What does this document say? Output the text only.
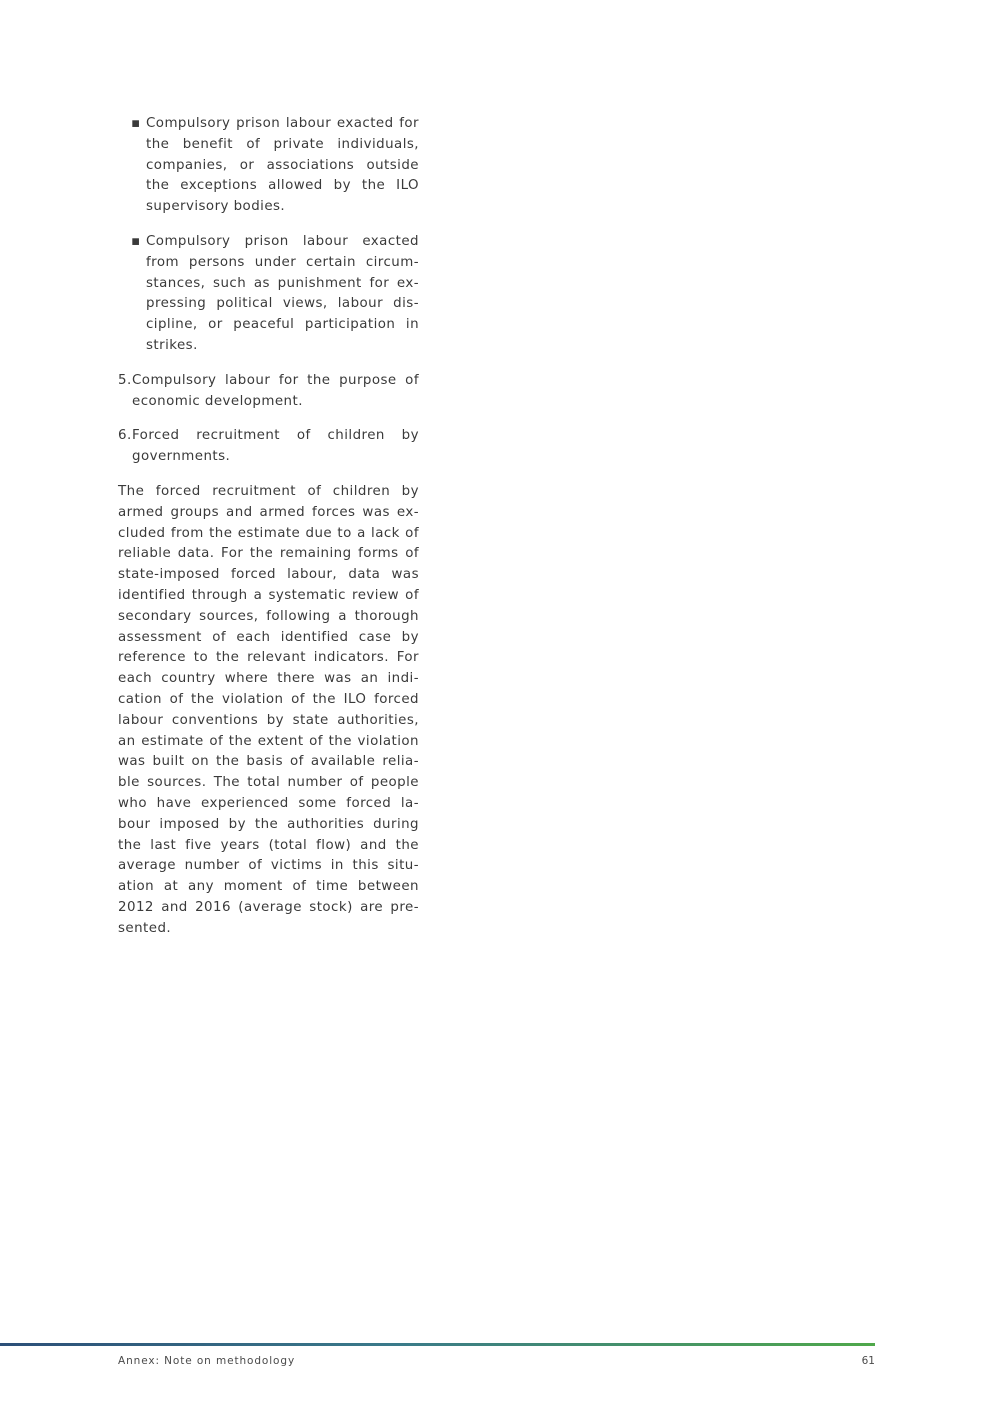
▪ Compulsory prison labour exacted for the benefit of private individuals, companies, or associations outside the exceptions allowed by the ILO supervisory bodies.
▪ Compulsory prison labour exacted from persons under certain circum-stances, such as punishment for ex-pressing political views, labour dis-cipline, or peaceful participation in strikes.
5. Compulsory labour for the purpose of economic development.
6. Forced recruitment of children by governments.

The forced recruitment of children by armed groups and armed forces was ex-cluded from the estimate due to a lack of reliable data. For the remaining forms of state-imposed forced labour, data was identified through a systematic review of secondary sources, following a thorough assessment of each identified case by reference to the relevant indicators. For each country where there was an indi-cation of the violation of the ILO forced labour conventions by state authorities, an estimate of the extent of the violation was built on the basis of available relia-ble sources. The total number of people who have experienced some forced la-bour imposed by the authorities during the last five years (total flow) and the average number of victims in this situ-ation at any moment of time between 2012 and 2016 (average stock) are pre-sented.

Annex: Note on methodology	61
